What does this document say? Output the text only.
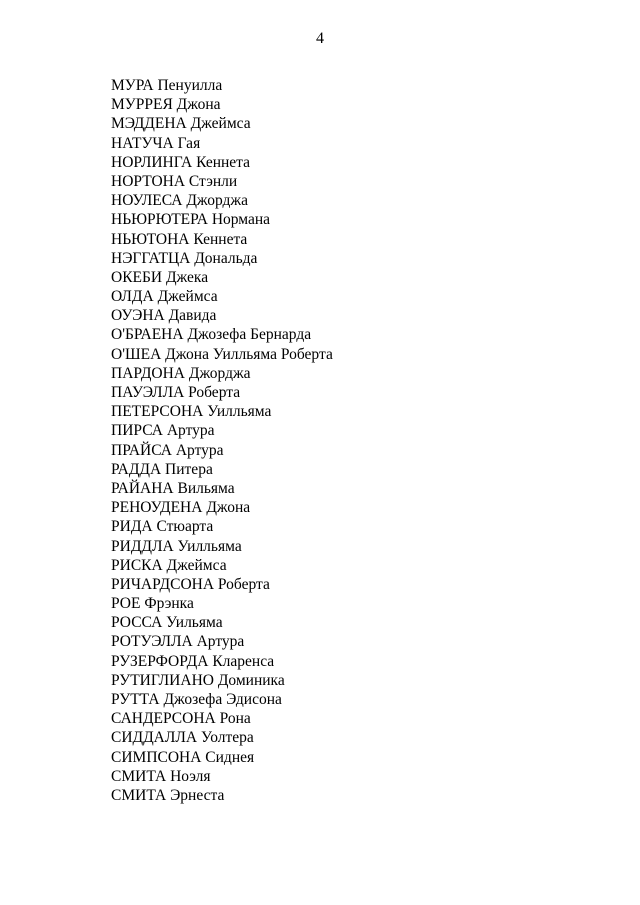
4
МУРА Пенуилла
МУРРЕЯ Джона
МЭДДЕНА Джеймса
НАТУЧА Гая
НОРЛИНГА Кеннета
НОРТОНА Стэнли
НОУЛЕСА Джорджа
НЬЮРЮТЕРА Нормана
НЬЮТОНА Кеннета
НЭГГАТЦА Дональда
ОКЕБИ Джека
ОЛДА Джеймса
ОУЭНА Давида
О'БРАЕНА Джозефа Бернарда
О'ШЕА Джона Уилльяма Роберта
ПАРДОНА Джорджа
ПАУЭЛЛА Роберта
ПЕТЕРСОНА Уилльяма
ПИРСА Артура
ПРАЙСА Артура
РАДДА Питера
РАЙАНА Вильяма
РЕНОУДЕНА Джона
РИДА Стюарта
РИДДЛА Уилльяма
РИСКА Джеймса
РИЧАРДСОНА Роберта
РОЕ Фрэнка
РОССА Уильяма
РОТУЭЛЛА Артура
РУЗЕРФОРДА Кларенса
РУТИГЛИАНО Доминика
РУТТА Джозефа Эдисона
САНДЕРСОНА Рона
СИДДАЛЛА Уолтера
СИМПСОНА Сиднея
СМИТА Ноэля
СМИТА Эрнеста
